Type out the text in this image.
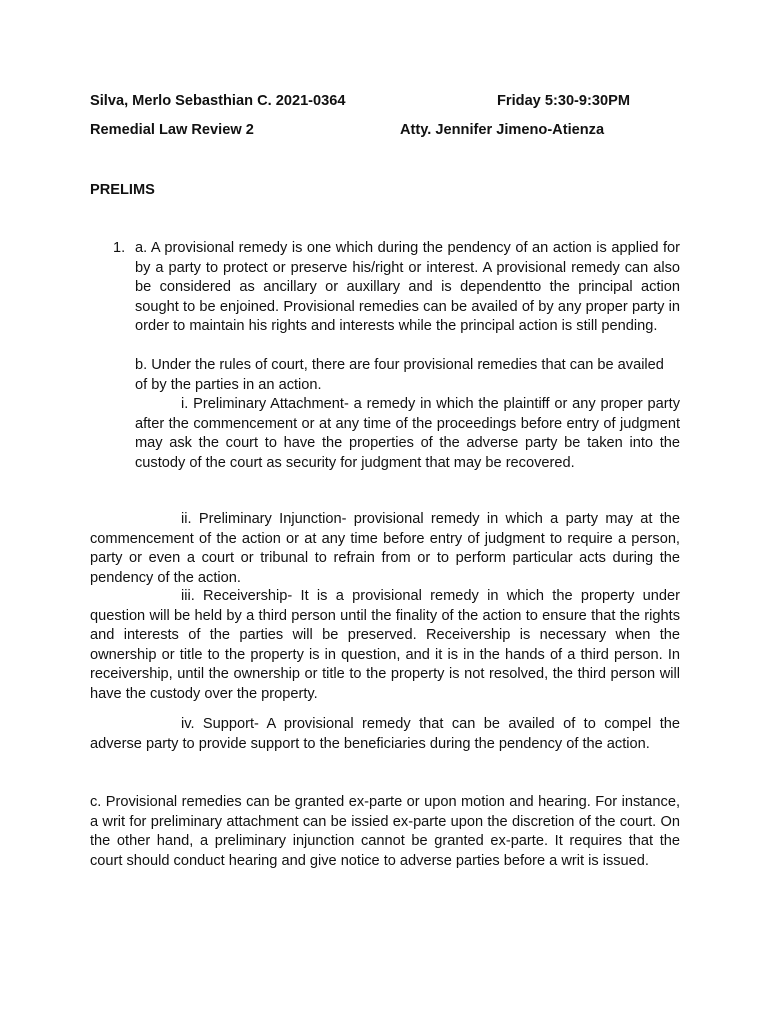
Silva, Merlo Sebasthian C. 2021-0364	Friday 5:30-9:30PM
Remedial Law Review 2	Atty. Jennifer Jimeno-Atienza
PRELIMS
1. a. A provisional remedy is one which during the pendency of an action is applied for by a party to protect or preserve his/right or interest. A provisional remedy can also be considered as ancillary or auxillary and is dependentto the principal action sought to be enjoined. Provisional remedies can be availed of by any proper party in order to maintain his rights and interests while the principal action is still pending.

b. Under the rules of court, there are four provisional remedies that can be availed of by the parties in an action.

i. Preliminary Attachment- a remedy in which the plaintiff or any proper party after the commencement or at any time of the proceedings before entry of judgment may ask the court to have the properties of the adverse party be taken into the custody of the court as security for judgment that may be recovered.

ii. Preliminary Injunction- provisional remedy in which a party may at the commencement of the action or at any time before entry of judgment to require a person, party or even a court or tribunal to refrain from or to perform particular acts during the pendency of the action.

iii. Receivership- It is a provisional remedy in which the property under question will be held by a third person until the finality of the action to ensure that the rights and interests of the parties will be preserved. Receivership is necessary when the ownership or title to the property is in question, and it is in the hands of a third person. In receivership, until the ownership or title to the property is not resolved, the third person will have the custody over the property.

iv. Support- A provisional remedy that can be availed of to compel the adverse party to provide support to the beneficiaries during the pendency of the action.

c. Provisional remedies can be granted ex-parte or upon motion and hearing. For instance, a writ for preliminary attachment can be issied ex-parte upon the discretion of the court. On the other hand, a preliminary injunction cannot be granted ex-parte. It requires that the court should conduct hearing and give notice to adverse parties before a writ is issued.
